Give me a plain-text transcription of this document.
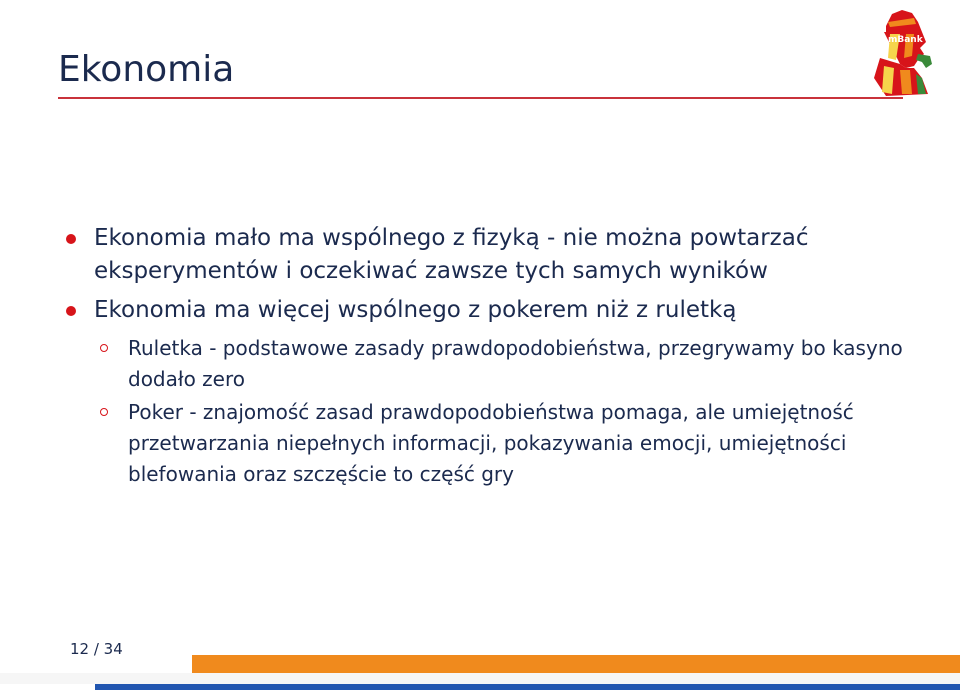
Ekonomia
mBank
Ekonomia mało ma wspólnego z fizyką - nie można powtarzać eksperymentów i oczekiwać zawsze tych samych wyników
Ekonomia ma więcej wspólnego z pokerem niż z ruletką
Ruletka - podstawowe zasady prawdopodobieństwa, przegrywamy bo kasyno dodało zero
Poker - znajomość zasad prawdopodobieństwa pomaga, ale umiejętność przetwarzania niepełnych informacji, pokazywania emocji, umiejętności blefowania oraz szczęście to część gry
12 / 34
